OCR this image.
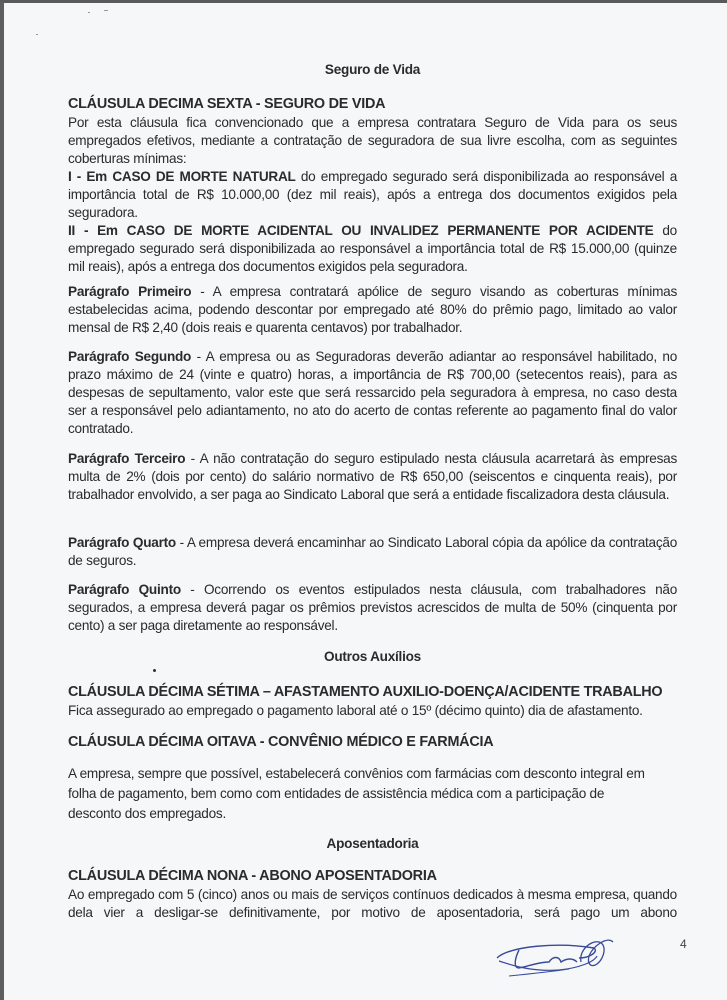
Seguro de Vida
CLÁUSULA DECIMA SEXTA - SEGURO DE VIDA
Por esta cláusula fica convencionado que a empresa contratara Seguro de Vida para os seus empregados efetivos, mediante a contratação de seguradora de sua livre escolha, com as seguintes coberturas mínimas:
I - Em CASO DE MORTE NATURAL do empregado segurado será disponibilizada ao responsável a importância total de R$ 10.000,00 (dez mil reais), após a entrega dos documentos exigidos pela seguradora.
II - Em CASO DE MORTE ACIDENTAL OU INVALIDEZ PERMANENTE POR ACIDENTE do empregado segurado será disponibilizada ao responsável a importância total de R$ 15.000,00 (quinze mil reais), após a entrega dos documentos exigidos pela seguradora.
Parágrafo Primeiro - A empresa contratará apólice de seguro visando as coberturas mínimas estabelecidas acima, podendo descontar por empregado até 80% do prêmio pago, limitado ao valor mensal de R$ 2,40 (dois reais e quarenta centavos) por trabalhador.
Parágrafo Segundo - A empresa ou as Seguradoras deverão adiantar ao responsável habilitado, no prazo máximo de 24 (vinte e quatro) horas, a importância de R$ 700,00 (setecentos reais), para as despesas de sepultamento, valor este que será ressarcido pela seguradora à empresa, no caso desta ser a responsável pelo adiantamento, no ato do acerto de contas referente ao pagamento final do valor contratado.
Parágrafo Terceiro - A não contratação do seguro estipulado nesta cláusula acarretará às empresas multa de 2% (dois por cento) do salário normativo de R$ 650,00 (seiscentos e cinquenta reais), por trabalhador envolvido, a ser paga ao Sindicato Laboral que será a entidade fiscalizadora desta cláusula.
Parágrafo Quarto - A empresa deverá encaminhar ao Sindicato Laboral cópia da apólice da contratação de seguros.
Parágrafo Quinto - Ocorrendo os eventos estipulados nesta cláusula, com trabalhadores não segurados, a empresa deverá pagar os prêmios previstos acrescidos de multa de 50% (cinquenta por cento) a ser paga diretamente ao responsável.
Outros Auxílios
CLÁUSULA DÉCIMA SÉTIMA – AFASTAMENTO AUXILIO-DOENÇA/ACIDENTE TRABALHO
Fica assegurado ao empregado o pagamento laboral até o 15º (décimo quinto) dia de afastamento.
CLÁUSULA DÉCIMA OITAVA - CONVÊNIO MÉDICO E FARMÁCIA
A empresa, sempre que possível, estabelecerá convênios com farmácias com desconto integral em folha de pagamento, bem como com entidades de assistência médica com a participação de desconto dos empregados.
Aposentadoria
CLÁUSULA DÉCIMA NONA - ABONO APOSENTADORIA
Ao empregado com 5 (cinco) anos ou mais de serviços contínuos dedicados à mesma empresa, quando dela vier a desligar-se definitivamente, por motivo de aposentadoria, será pago um abono
4
